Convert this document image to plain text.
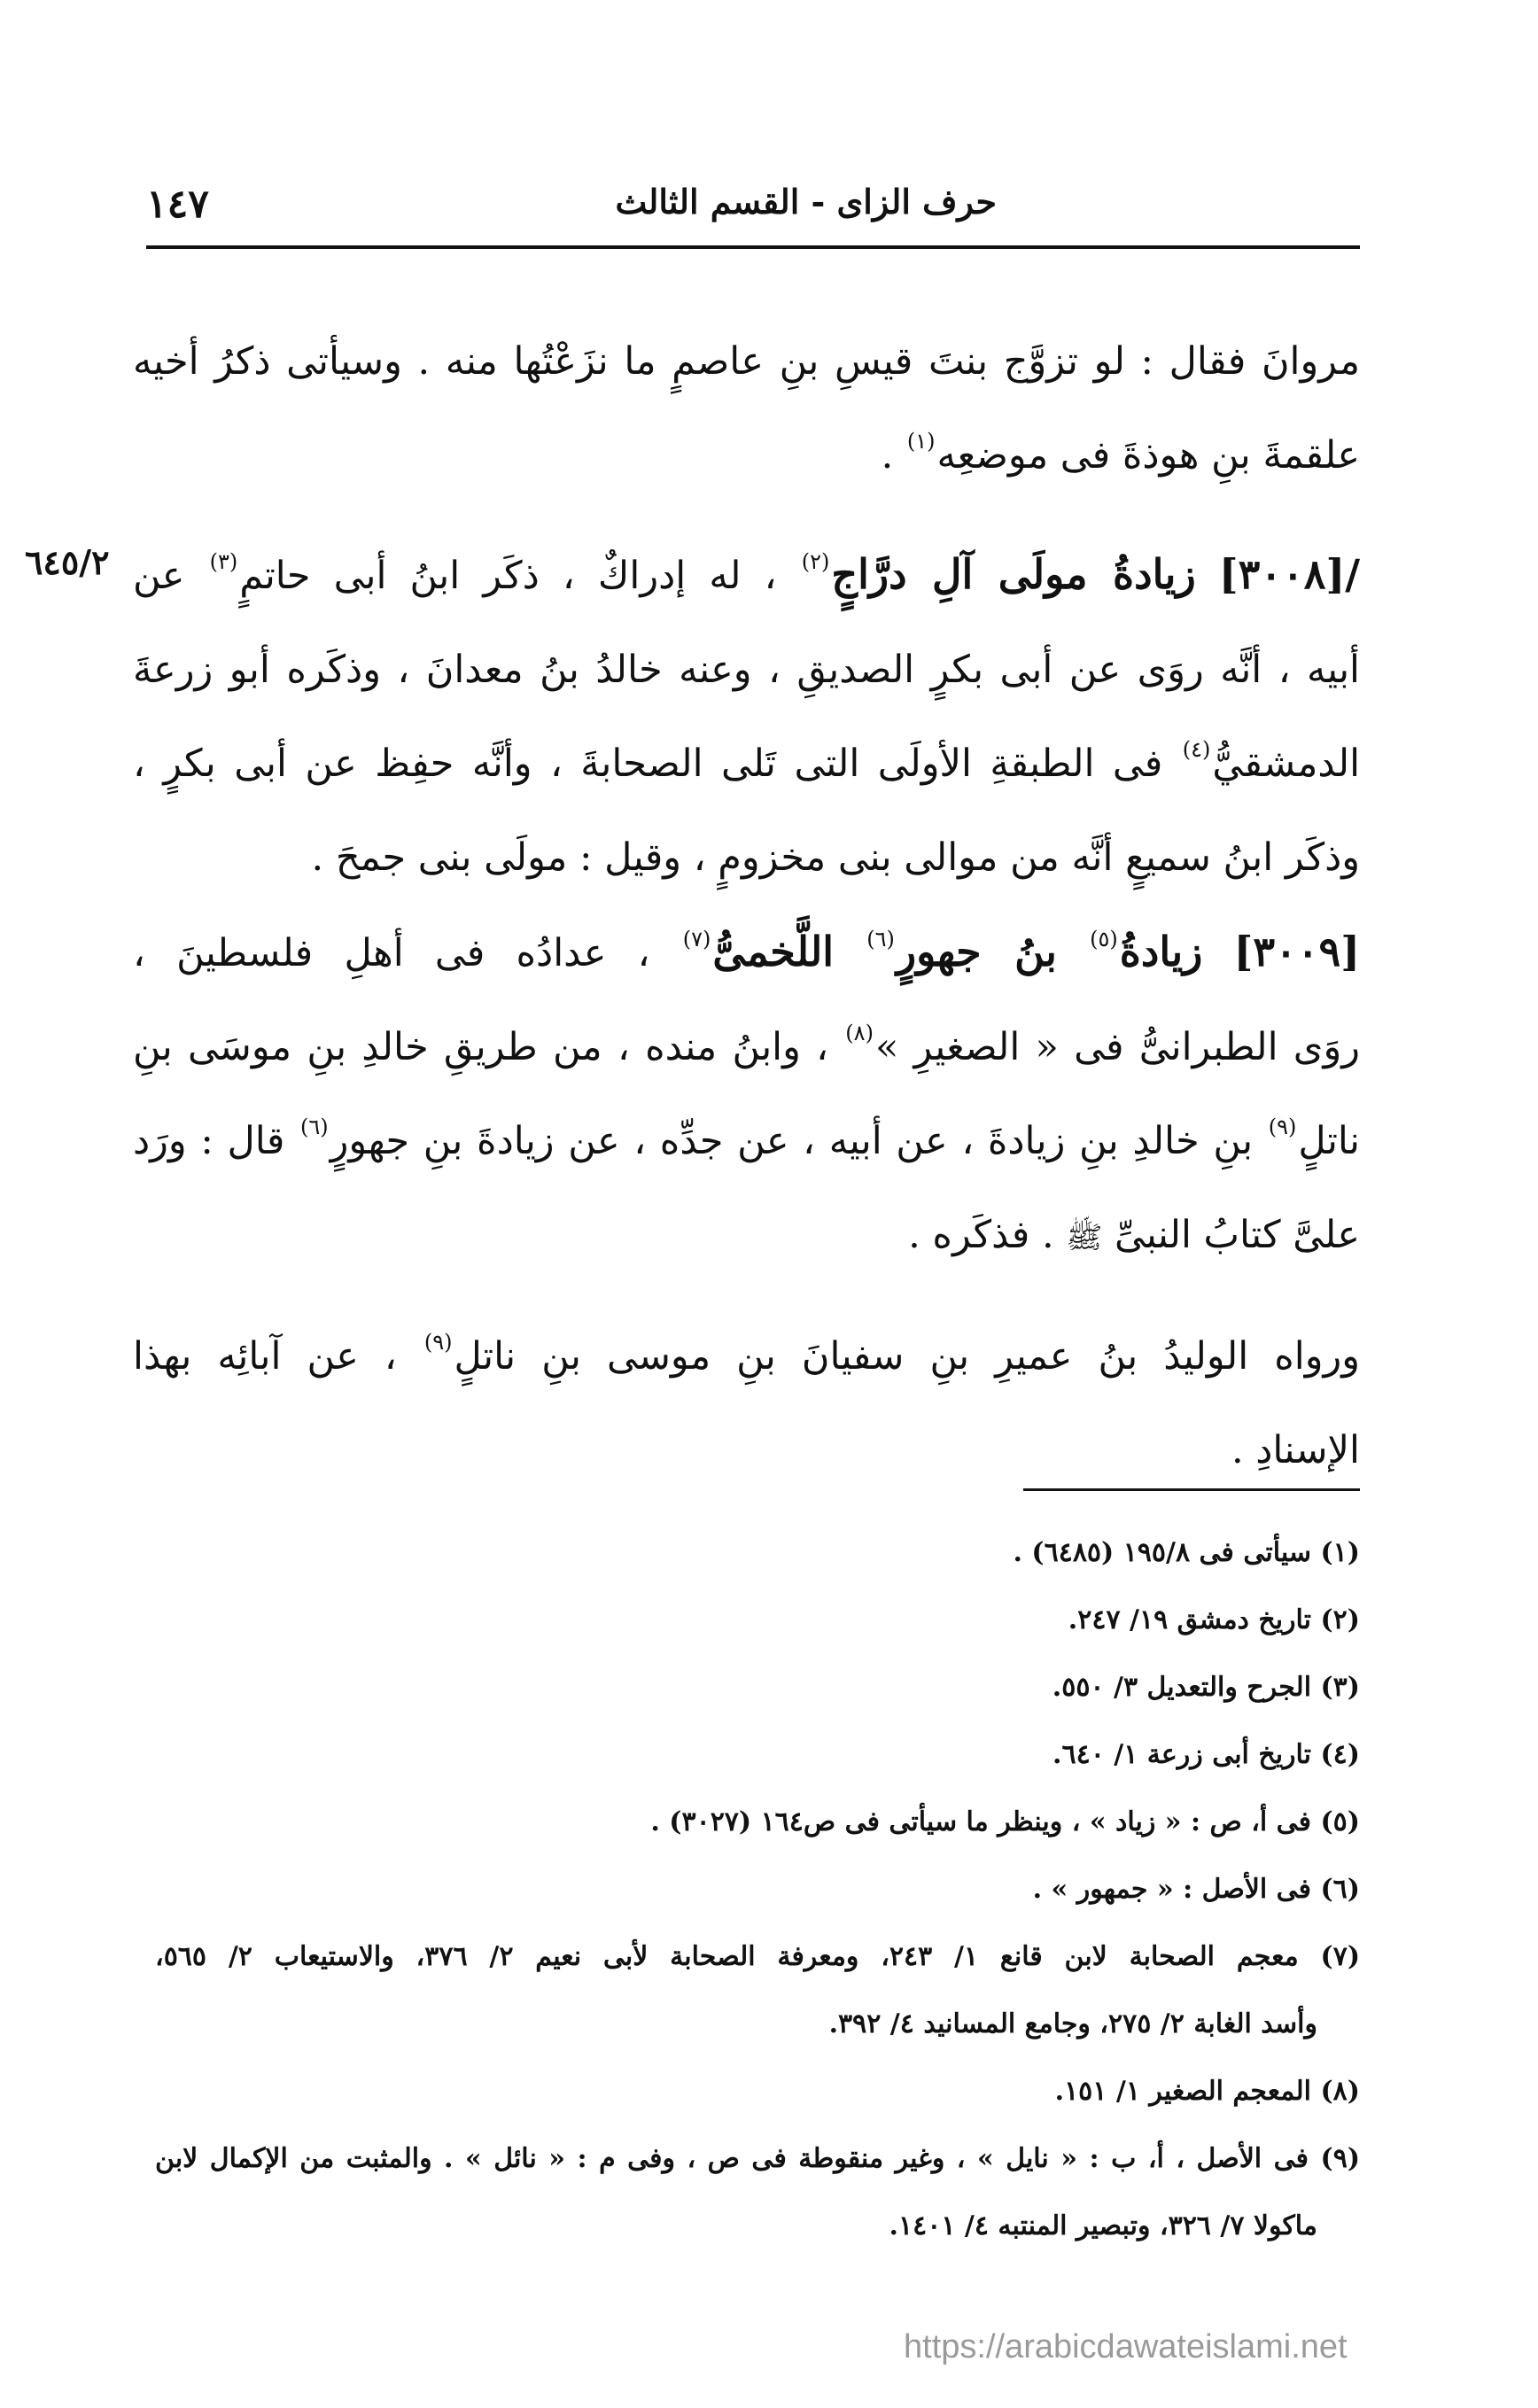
حرف الزاى - القسم الثالث
١٤٧
٦٤٥/٢

مروانَ فقال : لو تزوَّج بنتَ قيسِ بنِ عاصمٍ ما نزَعْتُها منه . وسيأتى ذكرُ أخيه
علقمةَ بنِ هوذةَ فى موضعِه$^{(١)}$ .

/[٣٠٠٨] زيادةُ مولَى آلِ درَّاجٍ$^{(٢)}$ ، له إدراكٌ ، ذكَر ابنُ أبى حاتمٍ$^{(٣)}$ عن
أبيه ، أنَّه روَى عن أبى بكرٍ الصديقِ ، وعنه خالدُ بنُ معدانَ ، وذكَره أبو زرعةَ
الدمشقيُّ$^{(٤)}$ فى الطبقةِ الأولَى التى تَلى الصحابةَ ، وأنَّه حفِظ عن أبى بكرٍ ،
وذكَر ابنُ سميعٍ أنَّه من موالى بنى مخزومٍ ، وقيل : مولَى بنى جمحَ .

[٣٠٠٩] زيادةُ$^{(٥)}$ بنُ جهورٍ$^{(٦)}$ اللَّخمىُّ$^{(٧)}$ ، عدادُه فى أهلِ فلسطينَ ،
روَى الطبرانىُّ فى « الصغيرِ »$^{(٨)}$ ، وابنُ منده ، من طريقِ خالدِ بنِ موسَى بنِ
ناتلٍ$^{(٩)}$ بنِ خالدِ بنِ زيادةَ ، عن أبيه ، عن جدِّه ، عن زيادةَ بنِ جهورٍ$^{(٦)}$ قال : ورَد
علىَّ كتابُ النبىِّ ﷺ . فذكَره .

ورواه الوليدُ بنُ عميرِ بنِ سفيانَ بنِ موسى بنِ ناتلٍ$^{(٩)}$ ، عن آبائِه بهذا
الإسنادِ .

(١) سيأتى فى ١٩٥/٨ (٦٤٨٥) .
(٢) تاريخ دمشق ١٩/ ٢٤٧.
(٣) الجرح والتعديل ٣/ ٥٥٠.
(٤) تاريخ أبى زرعة ١/ ٦٤٠.
(٥) فى أ، ص : « زياد » ، وينظر ما سيأتى فى ص١٦٤ (٣٠٢٧) .
(٦) فى الأصل : « جمهور » .
(٧) معجم الصحابة لابن قانع ١/ ٢٤٣، ومعرفة الصحابة لأبى نعيم ٢/ ٣٧٦، والاستيعاب ٢/ ٥٦٥،
وأسد الغابة ٢/ ٢٧٥، وجامع المسانيد ٤/ ٣٩٢.
(٨) المعجم الصغير ١/ ١٥١.
(٩) فى الأصل ، أ، ب : « نايل » ، وغير منقوطة فى ص ، وفى م : « نائل » . والمثبت من الإكمال لابن
ماكولا ٧/ ٣٢٦، وتبصير المنتبه ٤/ ١٤٠١.
https://arabicdawateislami.net
